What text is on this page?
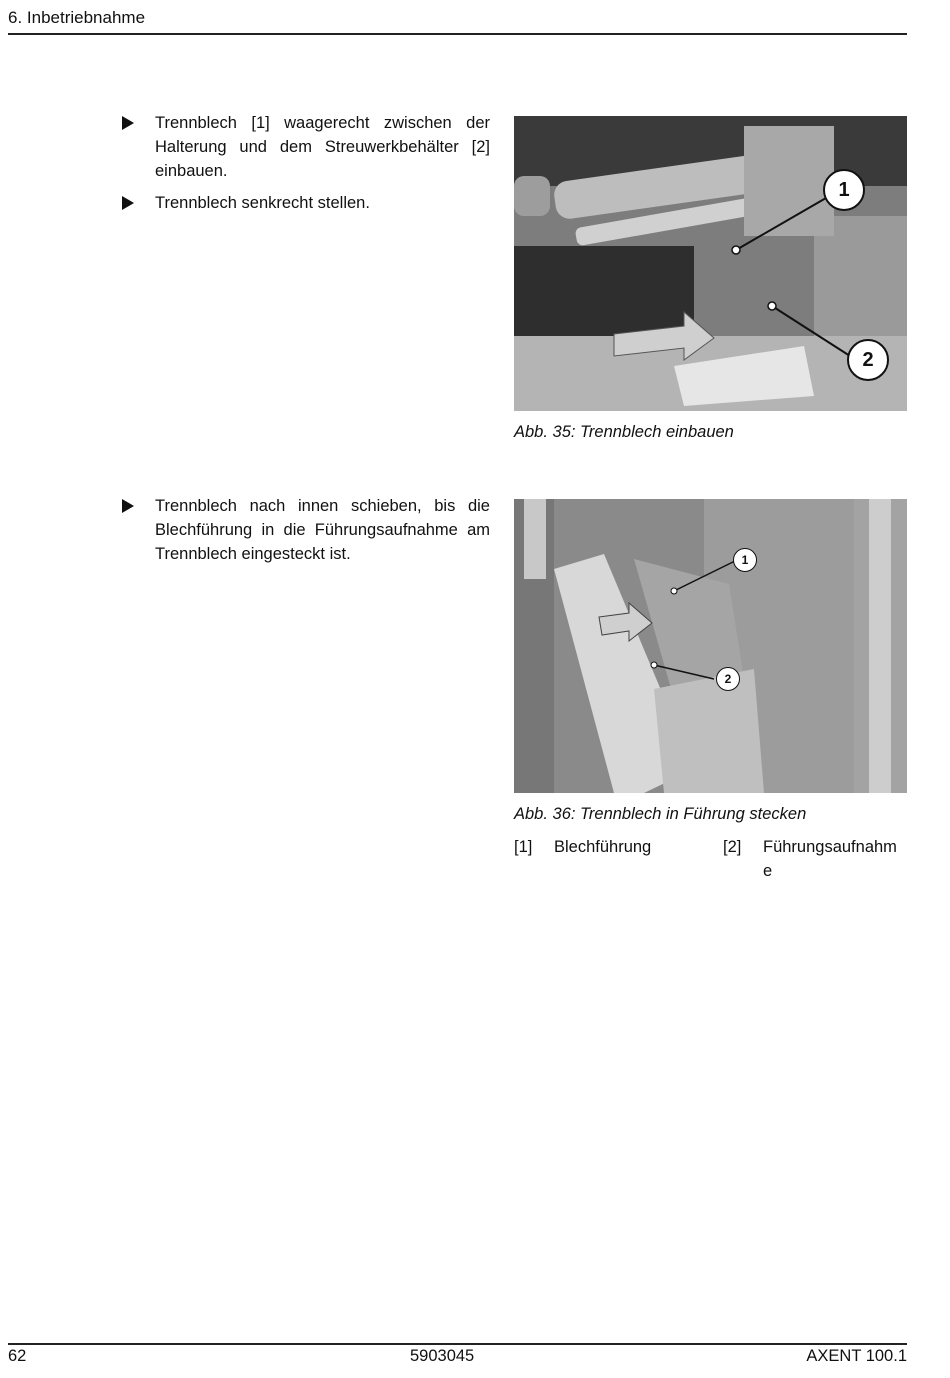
6. Inbetriebnahme
Trennblech [1] waagerecht zwischen der Halterung und dem Streuwerkbehälter [2] einbauen.
Trennblech senkrecht stellen.
1
2
Abb. 35: Trennblech einbauen
Trennblech nach innen schieben, bis die Blechführung in die Führungsaufnahme am Trennblech eingesteckt ist.	1
2
Abb. 36: Trennblech in Führung stecken
[1] Blechführung	[2] Führungsaufnahm e
62	5903045	AXENT 100.1
